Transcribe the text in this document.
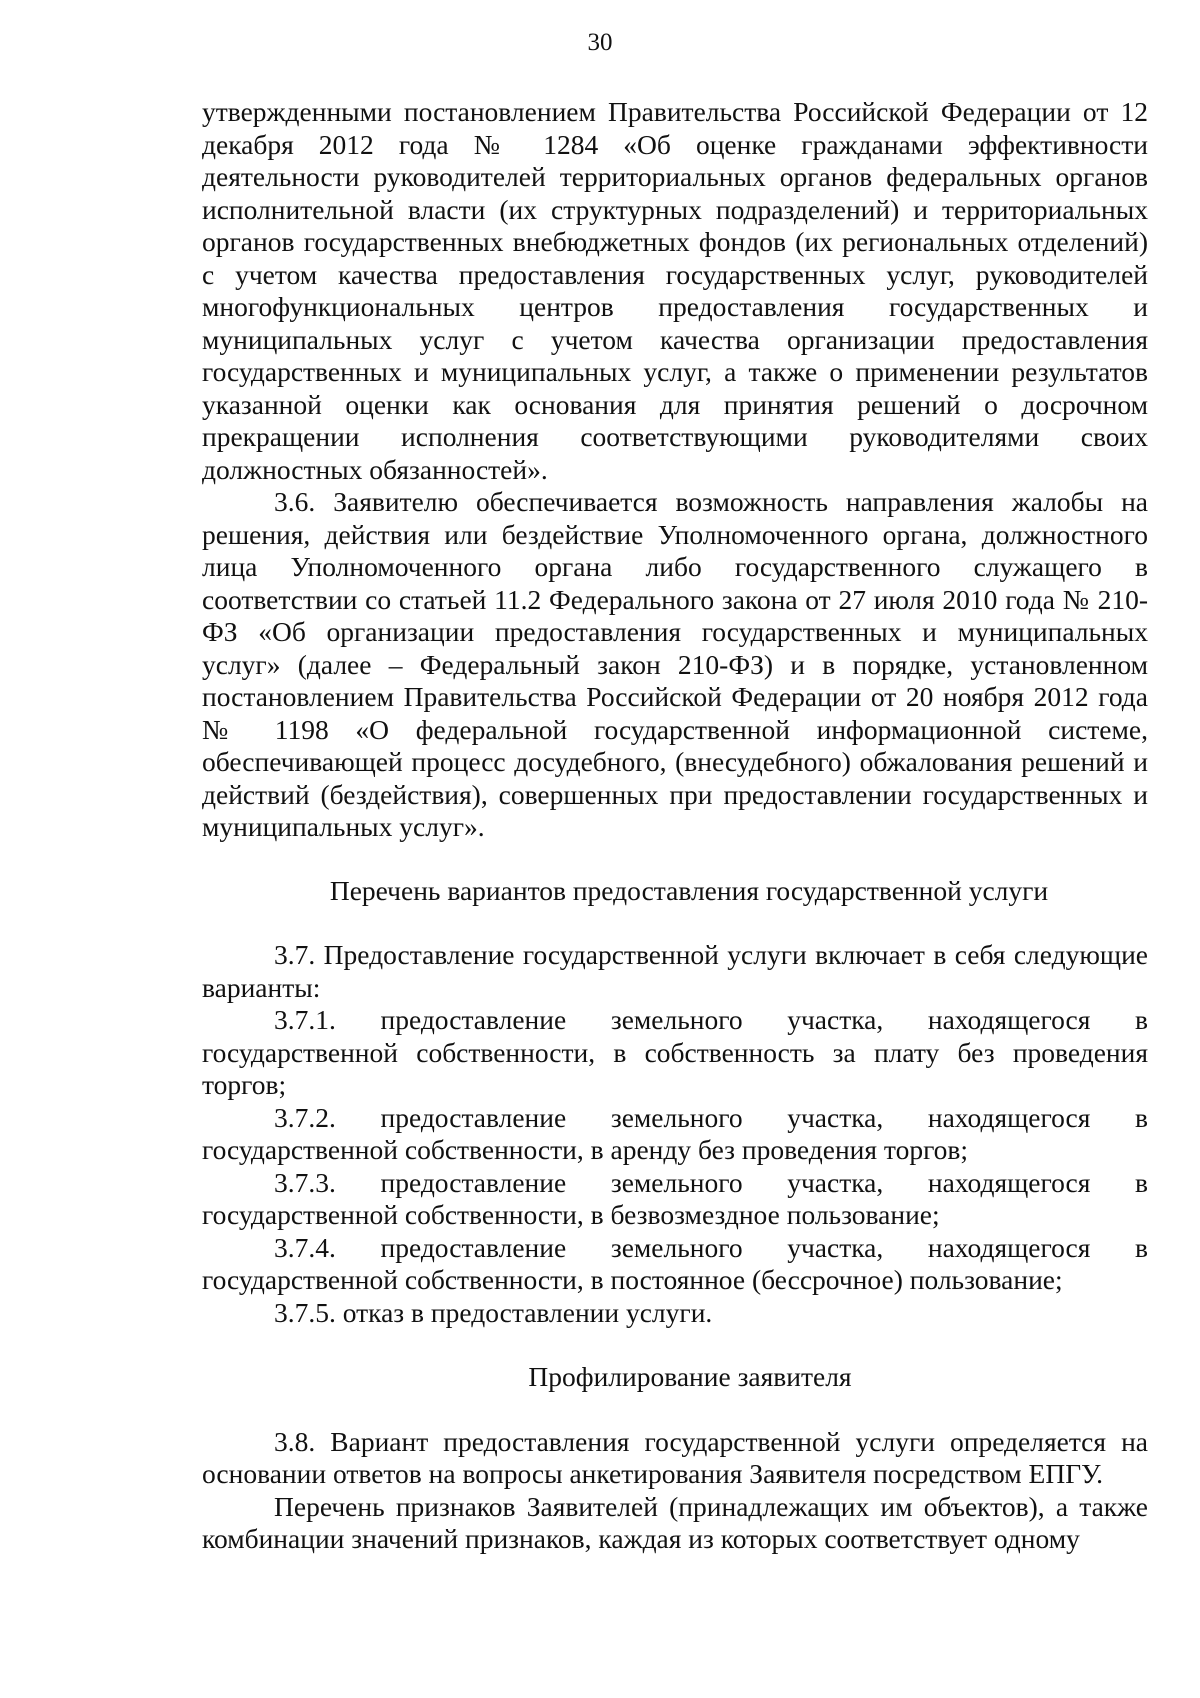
30

утвержденными постановлением Правительства Российской Федерации от 12 декабря 2012 года № 1284 «Об оценке гражданами эффективности деятельности руководителей территориальных органов федеральных органов исполнительной власти (их структурных подразделений) и территориальных органов государственных внебюджетных фондов (их региональных отделений) с учетом качества предоставления государственных услуг, руководителей многофункциональных центров предоставления государственных и муниципальных услуг с учетом качества организации предоставления государственных и муниципальных услуг, а также о применении результатов указанной оценки как основания для принятия решений о досрочном прекращении исполнения соответствующими руководителями своих должностных обязанностей».

3.6. Заявителю обеспечивается возможность направления жалобы на решения, действия или бездействие Уполномоченного органа, должностного лица Уполномоченного органа либо государственного служащего в соответствии со статьей 11.2 Федерального закона от 27 июля 2010 года № 210-ФЗ «Об организации предоставления государственных и муниципальных услуг» (далее – Федеральный закон 210-ФЗ) и в порядке, установленном постановлением Правительства Российской Федерации от 20 ноября 2012 года № 1198 «О федеральной государственной информационной системе, обеспечивающей процесс досудебного, (внесудебного) обжалования решений и действий (бездействия), совершенных при предоставлении государственных и муниципальных услуг».

Перечень вариантов предоставления государственной услуги

3.7. Предоставление государственной услуги включает в себя следующие варианты:

3.7.1. предоставление земельного участка, находящегося в государственной собственности, в собственность за плату без проведения торгов;

3.7.2. предоставление земельного участка, находящегося в государственной собственности, в аренду без проведения торгов;

3.7.3. предоставление земельного участка, находящегося в государственной собственности, в безвозмездное пользование;

3.7.4. предоставление земельного участка, находящегося в государственной собственности, в постоянное (бессрочное) пользование;

3.7.5. отказ в предоставлении услуги.

Профилирование заявителя

3.8. Вариант предоставления государственной услуги определяется на основании ответов на вопросы анкетирования Заявителя посредством ЕПГУ.

Перечень признаков Заявителей (принадлежащих им объектов), а также комбинации значений признаков, каждая из которых соответствует одному
